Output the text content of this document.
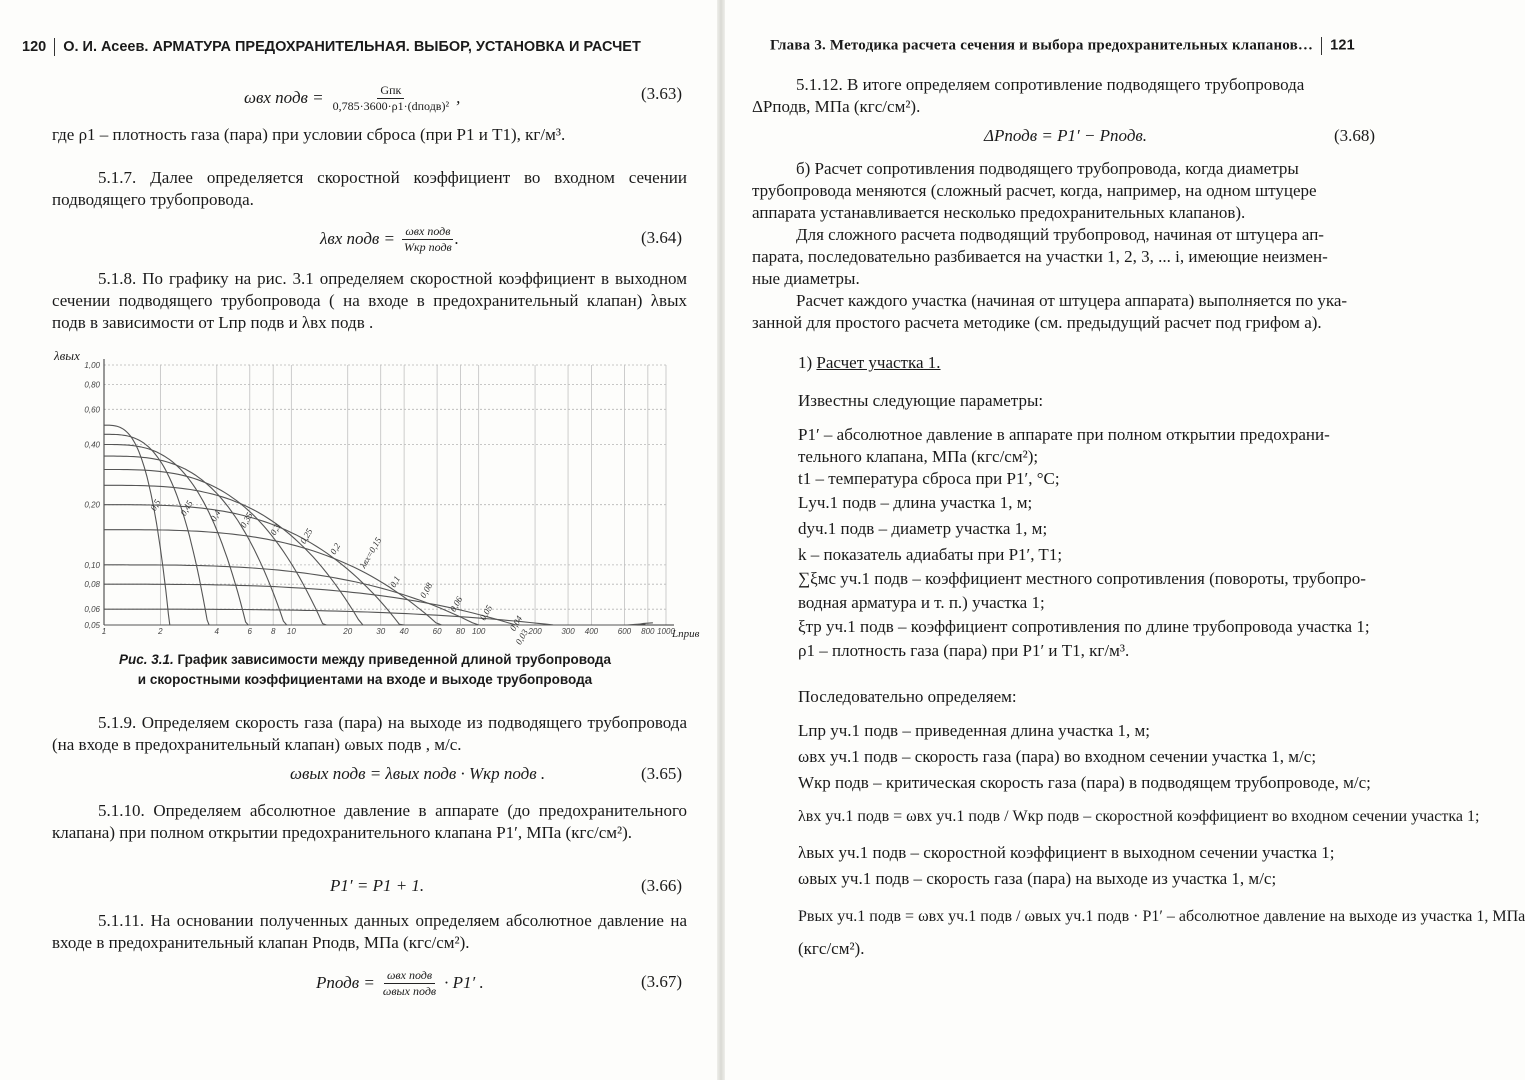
120 О. И. Асеев. АРМАТУРА ПРЕДОХРАНИТЕЛЬНАЯ. ВЫБОР, УСТАНОВКА И РАСЧЕТ
ωвх подв =	Gпк
0,785·3600·ρ1·(dподв)² ,	(3.63)
где ρ1 – плотность газа (пара) при условии сброса (при P1 и T1), кг/м³.
5.1.7. Далее определяется скоростной коэффициент во входном сечении подводящего трубопровода.
λвх подв = ωвх подв
Wкр подв .	(3.64)
5.1.8. По графику на рис. 3.1 определяем скоростной коэффициент в выходном сечении подводящего трубопровода ( на входе в предохранительный клапан) λвых подв в зависимости от Lпр подв и λвх подв .
1,00
0,80
0,60
0,40
0,20
0,10
0,08
0,06
0,05
1	2	4	6 8 10	20	30 40	60 80 100	200 300 400 600 800 1000
λвых
Lприв
0,5 0,45 0,4 0,35 0,3 0,25
0,2 λвх=0,15
0,1 0,08
0,06 0,05
0,04
0,03
Рис. 3.1. График зависимости между приведенной длиной трубопровода
и скоростными коэффициентами на входе и выходе трубопровода
5.1.9. Определяем скорость газа (пара) на выходе из подводящего трубопровода (на входе в предохранительный клапан) ωвых подв , м/с.
ωвых подв = λвых подв · Wкр подв .	(3.65)
5.1.10. Определяем абсолютное давление в аппарате (до предохранительного клапана) при полном открытии предохранительного клапана P1′, МПа (кгс/см²).
P1′ = P1 + 1.	(3.66)
5.1.11. На основании полученных данных определяем абсолютное давление на входе в предохранительный клапан Pподв, МПа (кгс/см²).
Pподв = ωвх подв
ωвых подв · P1′ .	(3.67)
Глава 3. Методика расчета сечения и выбора предохранительных клапанов… 121
5.1.12. В итоге определяем сопротивление подводящего трубопровода
ΔPподв, МПа (кгс/см²).
ΔPподв = P1′ − Pподв.	(3.68)
б) Расчет сопротивления подводящего трубопровода, когда диаметры
трубопровода меняются (сложный расчет, когда, например, на одном штуцере
аппарата устанавливается несколько предохранительных клапанов).
Для сложного расчета подводящий трубопровод, начиная от штуцера ап-
парата, последовательно разбивается на участки 1, 2, 3, ... i, имеющие неизмен-
ные диаметры.
Расчет каждого участка (начиная от штуцера аппарата) выполняется по ука-
занной для простого расчета методике (см. предыдущий расчет под грифом а).
1) Расчет участка 1.
Известны следующие параметры:
P1′ – абсолютное давление в аппарате при полном открытии предохрани-
тельного клапана, МПа (кгс/см²);
t1 – температура сброса при P1′, °C;
Lуч.1 подв – длина участка 1, м;
dуч.1 подв – диаметр участка 1, м;
k – показатель адиабаты при P1′, T1;
∑ξмс уч.1 подв – коэффициент местного сопротивления (повороты, трубопро-
водная арматура и т. п.) участка 1;
ξтр уч.1 подв – коэффициент сопротивления по длине трубопровода участка 1;
ρ1 – плотность газа (пара) при P1′ и T1, кг/м³.
Последовательно определяем:
Lпр уч.1 подв – приведенная длина участка 1, м;
ωвх уч.1 подв – скорость газа (пара) во входном сечении участка 1, м/с;
Wкр подв – критическая скорость газа (пара) в подводящем трубопроводе, м/с;
λвх уч.1 подв = ωвх уч.1 подв / Wкр подв – скоростной коэффициент во входном сечении участка 1;
λвых уч.1 подв – скоростной коэффициент в выходном сечении участка 1;
ωвых уч.1 подв – скорость газа (пара) на выходе из участка 1, м/с;
Pвых уч.1 подв = ωвх уч.1 подв / ωвых уч.1 подв · P1′ – абсолютное давление на выходе из участка 1, МПа
(кгс/см²).
